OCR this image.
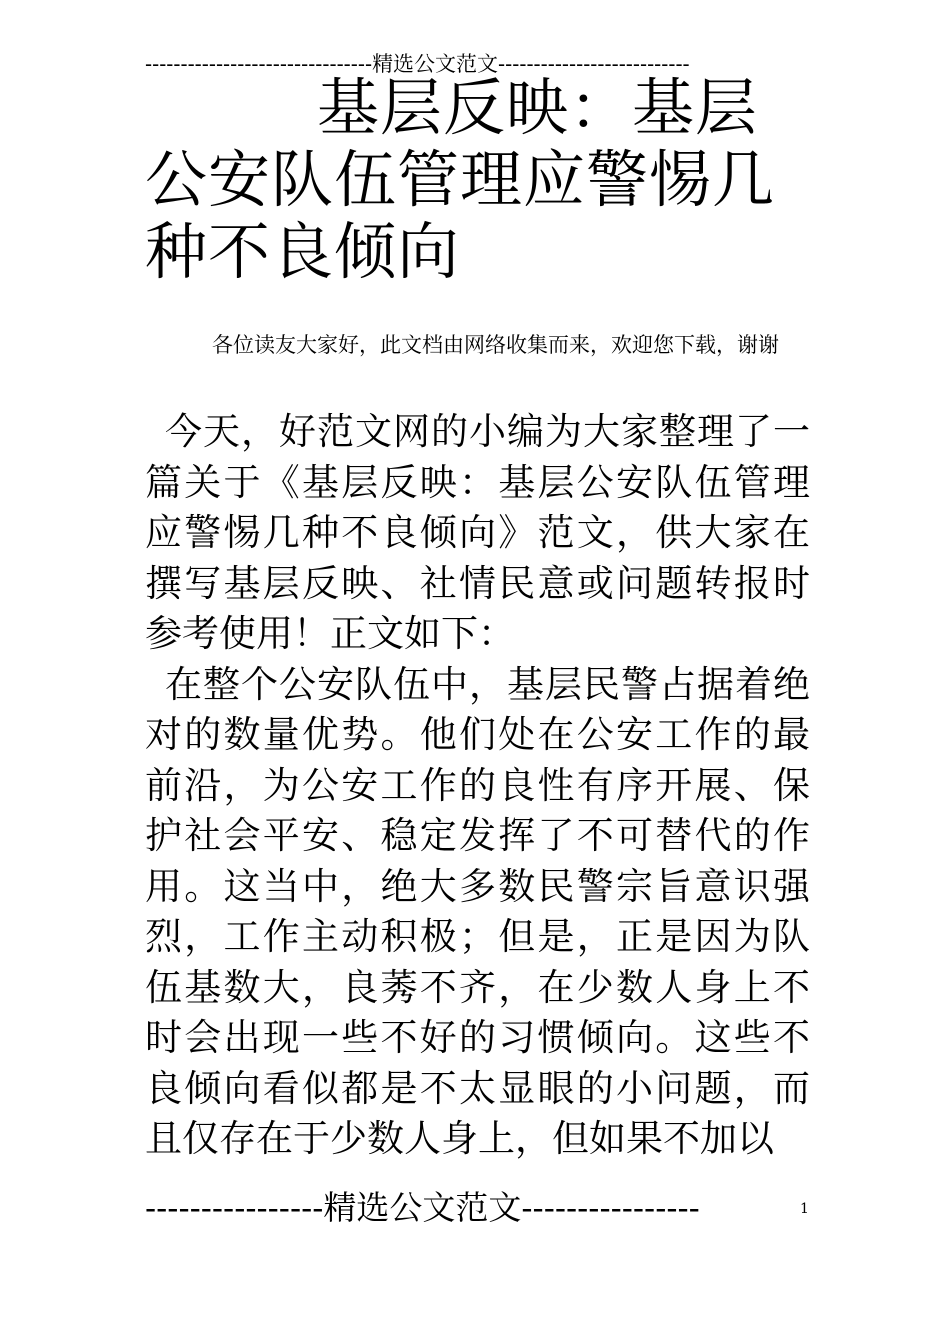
--------------------------------精选公文范文---------------------------
基层反映：基层公安队伍管理应警惕几种不良倾向
各位读友大家好，此文档由网络收集而来，欢迎您下载，谢谢

今天，好范文网的小编为大家整理了一篇关于《基层反映：基层公安队伍管理应警惕几种不良倾向》范文，供大家在撰写基层反映、社情民意或问题转报时参考使用！正文如下：

在整个公安队伍中，基层民警占据着绝对的数量优势。他们处在公安工作的最前沿，为公安工作的良性有序开展、保护社会平安、稳定发挥了不可替代的作用。这当中，绝大多数民警宗旨意识强烈，工作主动积极；但是，正是因为队伍基数大，良莠不齐，在少数人身上不时会出现一些不好的习惯倾向。这些不良倾向看似都是不太显眼的小问题，而且仅存在于少数人身上，但如果不加以

----------------精选公文范文----------------	1
